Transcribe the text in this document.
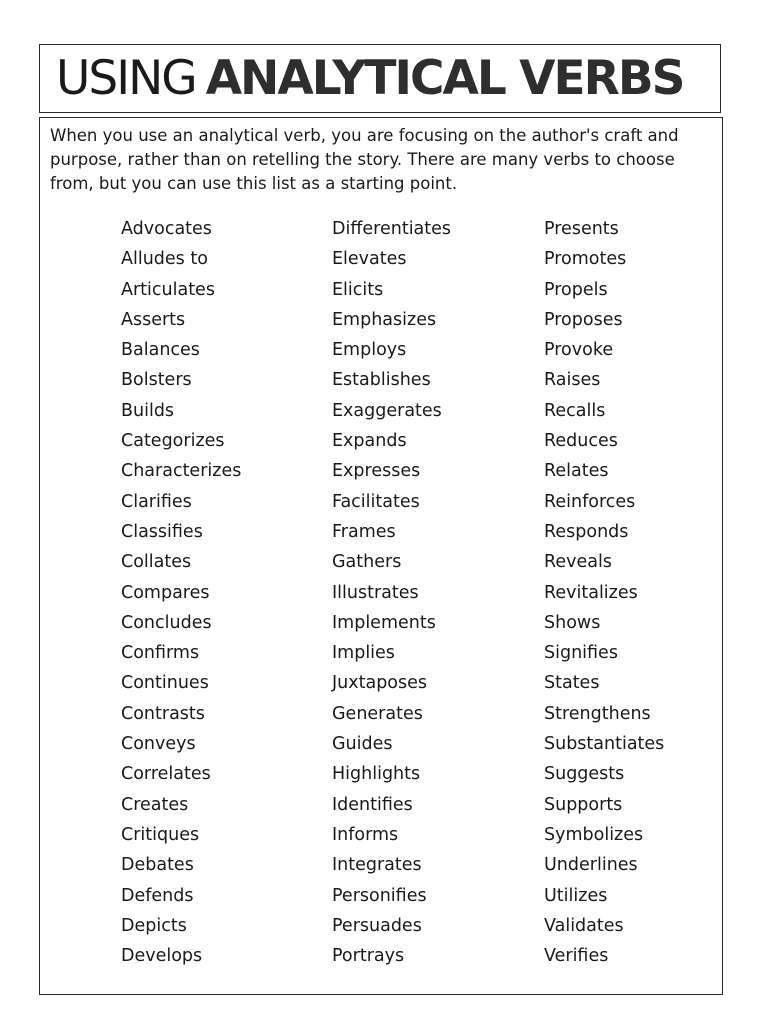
USING ANALYTICAL VERBS

When you use an analytical verb, you are focusing on the author's craft and purpose, rather than on retelling the story. There are many verbs to choose from, but you can use this list as a starting point.

Advocates
Alludes to
Articulates
Asserts
Balances
Bolsters
Builds
Categorizes
Characterizes
Clarifies
Classifies
Collates
Compares
Concludes
Confirms
Continues
Contrasts
Conveys
Correlates
Creates
Critiques
Debates
Defends
Depicts
Develops
Differentiates
Elevates
Elicits
Emphasizes
Employs
Establishes
Exaggerates
Expands
Expresses
Facilitates
Frames
Gathers
Illustrates
Implements
Implies
Juxtaposes
Generates
Guides
Highlights
Identifies
Informs
Integrates
Personifies
Persuades
Portrays
Presents
Promotes
Propels
Proposes
Provoke
Raises
Recalls
Reduces
Relates
Reinforces
Responds
Reveals
Revitalizes
Shows
Signifies
States
Strengthens
Substantiates
Suggests
Supports
Symbolizes
Underlines
Utilizes
Validates
Verifies
